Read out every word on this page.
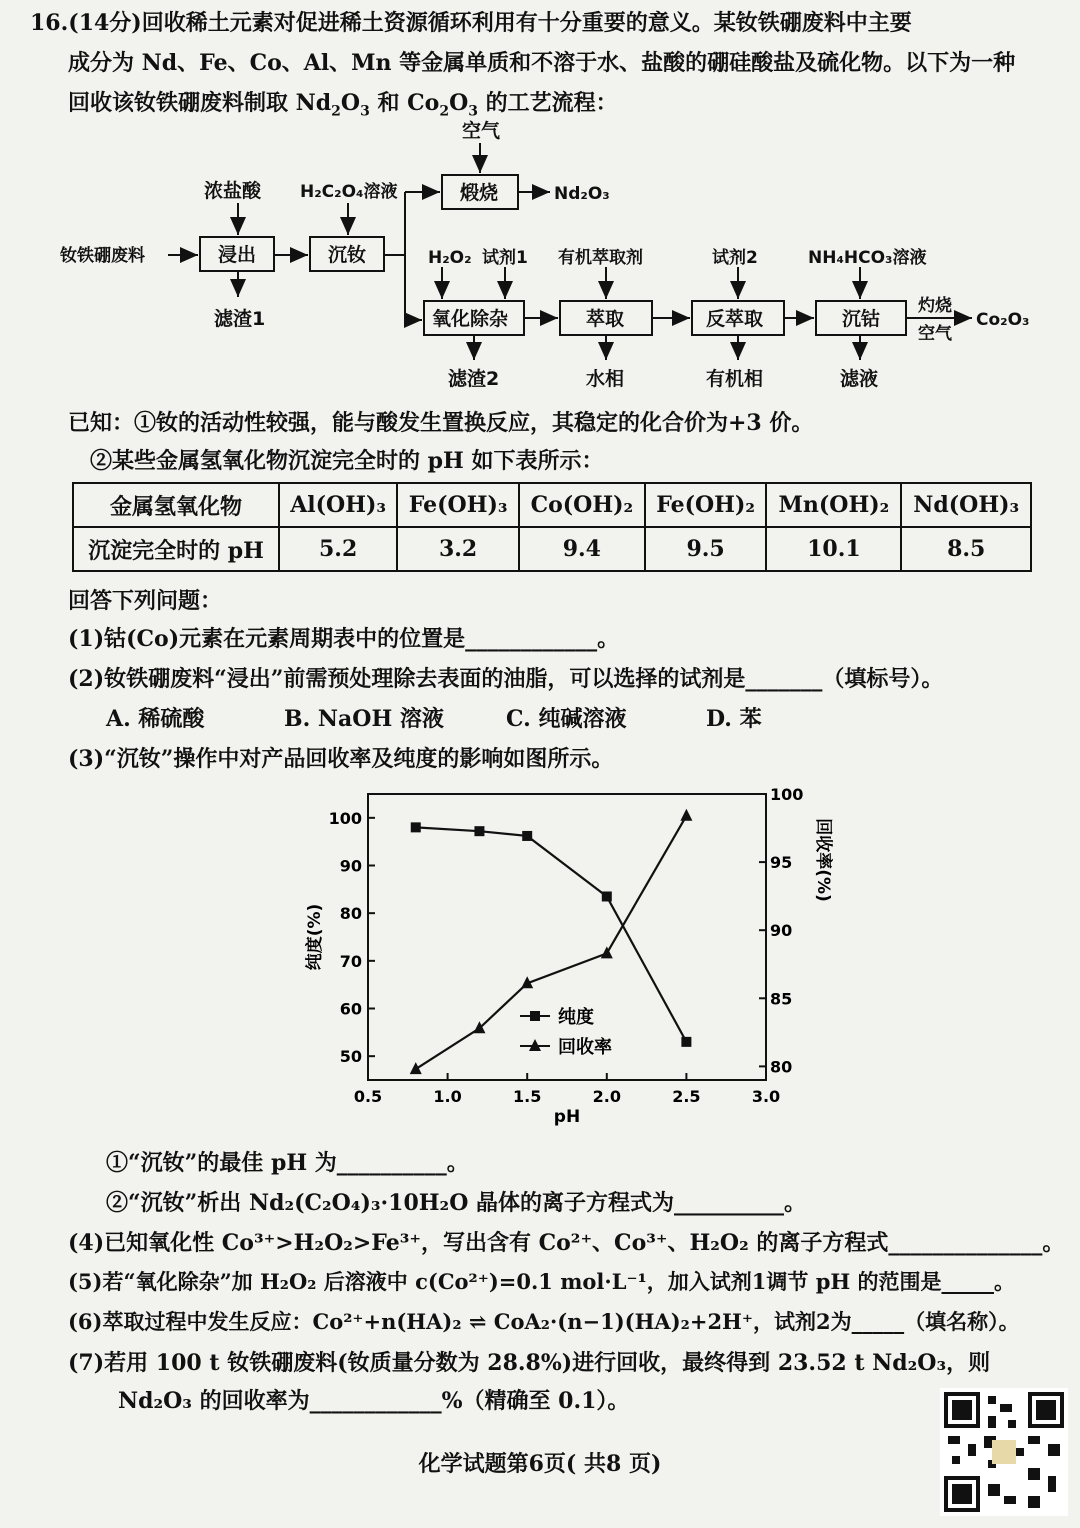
16.(14分)回收稀土元素对促进稀土资源循环利用有十分重要的意义。某钕铁硼废料中主要
成分为 Nd、Fe、Co、Al、Mn 等金属单质和不溶于水、盐酸的硼硅酸盐及硫化物。以下为一种
回收该钕铁硼废料制取 $Nd_2O_3$ 和 $Co_2O_3$ 的工艺流程：
空气
浓盐酸 H₂C₂O₄溶液
钕铁硼废料	浸出	沉钕
煅烧	Nd₂O₃
滤渣1
H₂O₂ 试剂1 有机萃取剂	试剂2	NH₄HCO₃溶液
氧化除杂	萃取	反萃取	沉钴
灼烧
空气
Co₂O₃
滤渣2	水相	有机相	滤液
已知：①钕的活动性较强，能与酸发生置换反应，其稳定的化合价为+3 价。
②某些金属氢氧化物沉淀完全时的 pH 如下表所示：
金属氢氧化物	Al(OH)₃	Fe(OH)₃	Co(OH)₂	Fe(OH)₂	Mn(OH)₂	Nd(OH)₃
沉淀完全时的 pH	5.2	3.2	9.4	9.5	10.1	8.5
回答下列问题：
(1)钴(Co)元素在元素周期表中的位置是____________。
(2)钕铁硼废料“浸出”前需预处理除去表面的油脂，可以选择的试剂是_______（填标号）。
A. 稀硫酸	B. NaOH 溶液	C. 纯碱溶液	D. 苯
(3)“沉钕”操作中对产品回收率及纯度的影响如图所示。
0.5	1.0	1.5	2.0	2.5	3.0
50
60
70
80
90
100
80
85
90
95
100
pH
纯度(%)
回收率(%)
纯度
回收率
①“沉钕”的最佳 pH 为__________。
②“沉钕”析出 Nd₂(C₂O₄)₃·10H₂O 晶体的离子方程式为__________。
(4)已知氧化性 Co³⁺>H₂O₂>Fe³⁺，写出含有 Co²⁺、Co³⁺、H₂O₂ 的离子方程式______________。
(5)若“氧化除杂”加 H₂O₂ 后溶液中 c(Co²⁺)=0.1 mol·L⁻¹，加入试剂1调节 pH 的范围是_____。
(6)萃取过程中发生反应：Co²⁺+n(HA)₂ ⇌ CoA₂·(n−1)(HA)₂+2H⁺，试剂2为_____（填名称）。
(7)若用 100 t 钕铁硼废料(钕质量分数为 28.8%)进行回收，最终得到 23.52 t Nd₂O₃，则
Nd₂O₃ 的回收率为____________%（精确至 0.1）。
化学试题第6页( 共8 页)
